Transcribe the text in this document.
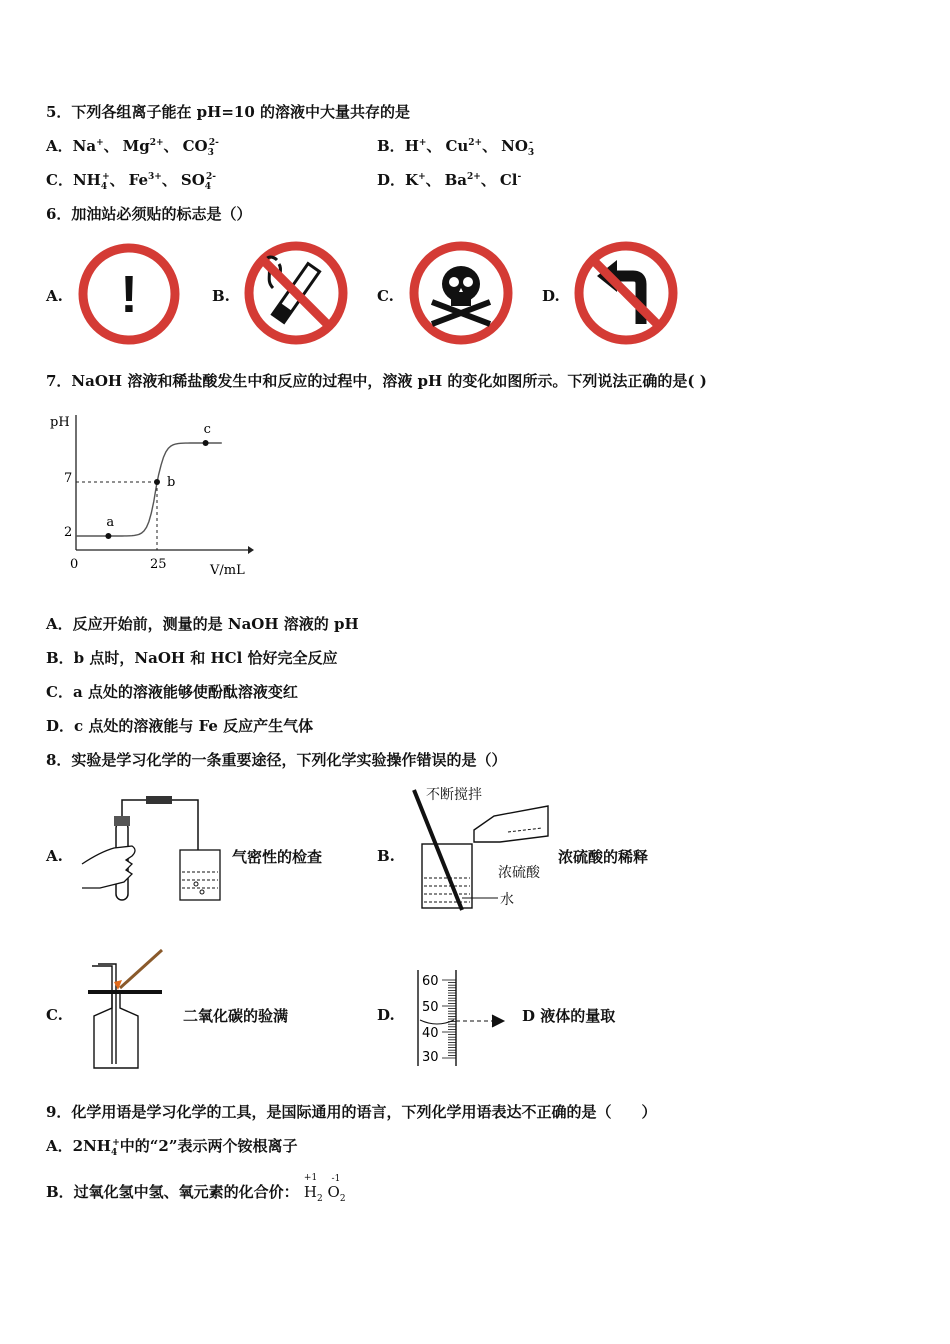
5．下列各组离子能在 pH=10 的溶液中大量共存的是
A．Na+、 $Mg^{2+}$、 $CO_3^{2-}$	B．H+、 $Cu^{2+}$、 $NO_3^-$
C．$NH_4^+$、 $Fe^{3+}$、 $SO_4^{2-}$	D．K+、 $Ba^{2+}$、 Cl-
6．加油站必须贴的标志是（）
A. !	B.	C.	D.
7．NaOH 溶液和稀盐酸发生中和反应的过程中，溶液 pH 的变化如图所示。下列说法正确的是( )
pH
V/mL
0	25
2
7
a
b
c
A．反应开始前，测量的是 NaOH 溶液的 pH
B．b 点时，NaOH 和 HCl 恰好完全反应
C．a 点处的溶液能够使酚酞溶液变红
D．c 点处的溶液能与 Fe 反应产生气体
8．实验是学习化学的一条重要途径，下列化学实验操作错误的是（）
A.	气密性的检查	B.
不断搅拌
浓硫酸
水
浓硫酸的稀释
C.	二氧化碳的验满	D.
60
50
40
30
D 液体的量取
9．化学用语是学习化学的工具，是国际通用的语言，下列化学用语表达不正确的是（　　）
A．$2NH_4^+$中的“2”表示两个铵根离子
B．过氧化氢中氢、氧元素的化合价：
+1
$H_2$
-1
$O_2$
